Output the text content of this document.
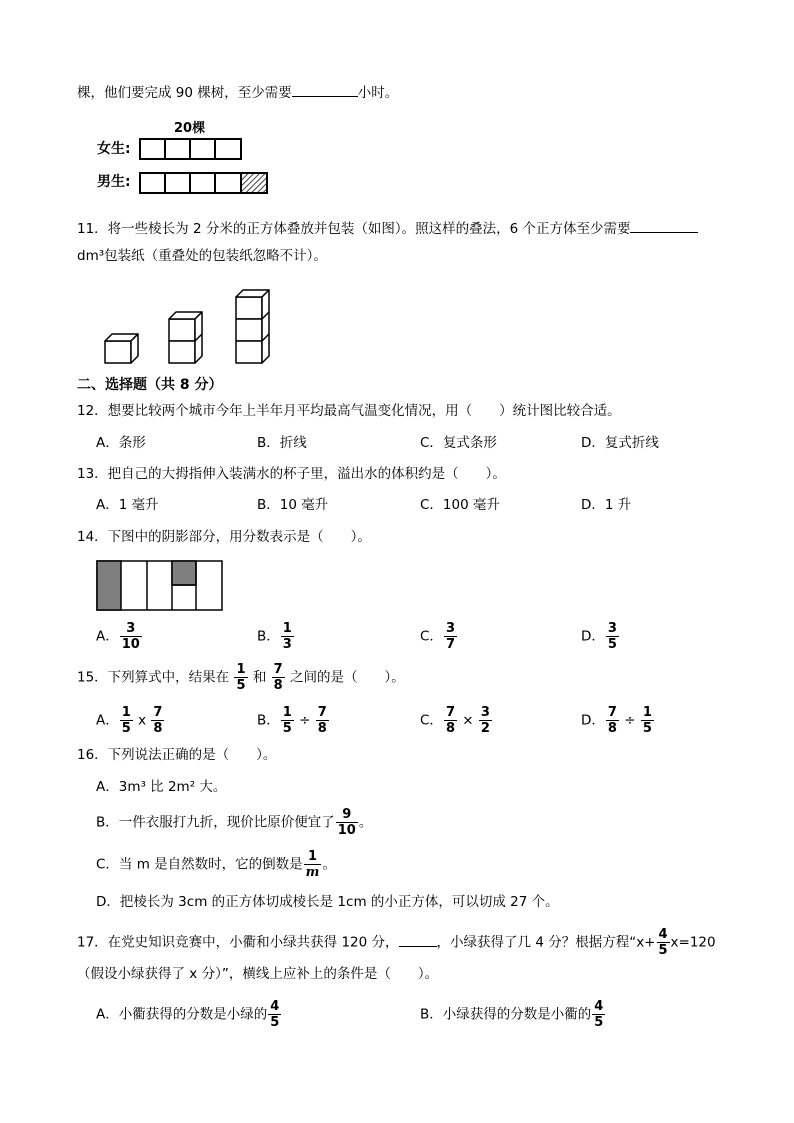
棵，他们要完成 90 棵树，至少需要	小时。
20棵
女生:
男生:
11．将一些棱长为 2 分米的正方体叠放并包装（如图）。照这样的叠法，6 个正方体至少需要
dm³包装纸（重叠处的包装纸忽略不计）。
二、选择题（共 8 分）
12．想要比较两个城市今年上半年月平均最高气温变化情况，用（　　）统计图比较合适。
A．条形	B．折线	C．复式条形	D．复式折线
13．把自己的大拇指伸入装满水的杯子里，溢出水的体积约是（　　）。
A．1 毫升	B．10 毫升	C．100 毫升	D．1 升
14．下图中的阴影部分，用分数表示是（　　）。
A． $\frac{3}{10}$	B． $\frac{1}{3}$	C． $\frac{3}{7}$	D． $\frac{3}{5}$
15．下列算式中，结果在 $\frac{1}{5}$ 和 $\frac{7}{8}$ 之间的是（　　）。
A． $\frac{1}{5}$ x $\frac{7}{8}$	B． $\frac{1}{5} \div \frac{7}{8}$	C． $\frac{7}{8} \times \frac{3}{2}$	D． $\frac{7}{8} \div \frac{1}{5}$
16．下列说法正确的是（　　）。
A．3m³ 比 2m² 大。
B．一件衣服打九折，现价比原价便宜了 $\frac{9}{10}$ 。
C．当 m 是自然数时，它的倒数是 $\frac{1}{m}$ 。
D．把棱长为 3cm 的正方体切成棱长是 1cm 的小正方体，可以切成 27 个。
17．在党史知识竞赛中，小衢和小绿共获得 120 分，	，小绿获得了几 4 分？根据方程“$x+ \frac{4}{5} x=120$
（假设小绿获得了 x 分）”，横线上应补上的条件是（　　）。
A．小衢获得的分数是小绿的 $\frac{4}{5}$	B．小绿获得的分数是小衢的 $\frac{4}{5}$
